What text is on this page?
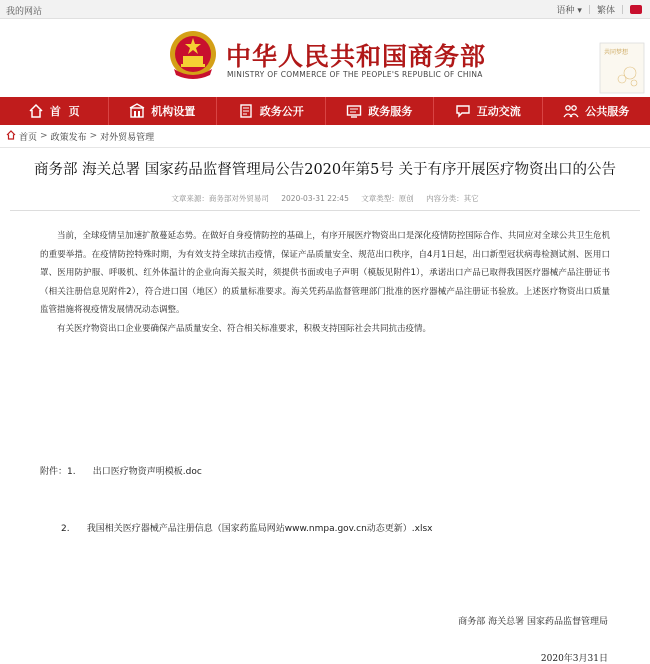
我的网站	语种 ▾ | 繁体 |
中华人民共和国商务部
MINISTRY OF COMMERCE OF THE PEOPLE'S REPUBLIC OF CHINA
共同梦想
首  页	机构设置	政务公开	政务服务	互动交流	公共服务
首页 > 政策发布 > 对外贸易管理
商务部 海关总署 国家药品监督管理局公告2020年第5号 关于有序开展医疗物资出口的公告
文章来源：商务部对外贸易司 2020-03-31 22:45 文章类型：原创 内容分类：其它

当前，全球疫情呈加速扩散蔓延态势。在做好自身疫情防控的基础上，有序开展医疗物资出口是深化疫情防控国际合作、共同应对全球公共卫生危机的重要举措。在疫情防控特殊时期，为有效支持全球抗击疫情，保证产品质量安全、规范出口秩序，自4月1日起，出口新型冠状病毒检测试剂、医用口罩、医用防护服、呼吸机、红外体温计的企业向海关报关时，须提供书面或电子声明（模版见附件1），承诺出口产品已取得我国医疗器械产品注册证书（相关注册信息见附件2），符合进口国（地区）的质量标准要求。海关凭药品监督管理部门批准的医疗器械产品注册证书验放。上述医疗物资出口质量监管措施将视疫情发展情况动态调整。

有关医疗物资出口企业要确保产品质量安全、符合相关标准要求，积极支持国际社会共同抗击疫情。

附件：1. 出口医疗物资声明模板.doc
2. 我国相关医疗器械产品注册信息（国家药监局网站www.nmpa.gov.cn动态更新）.xlsx
商务部 海关总署 国家药品监督管理局
2020年3月31日
